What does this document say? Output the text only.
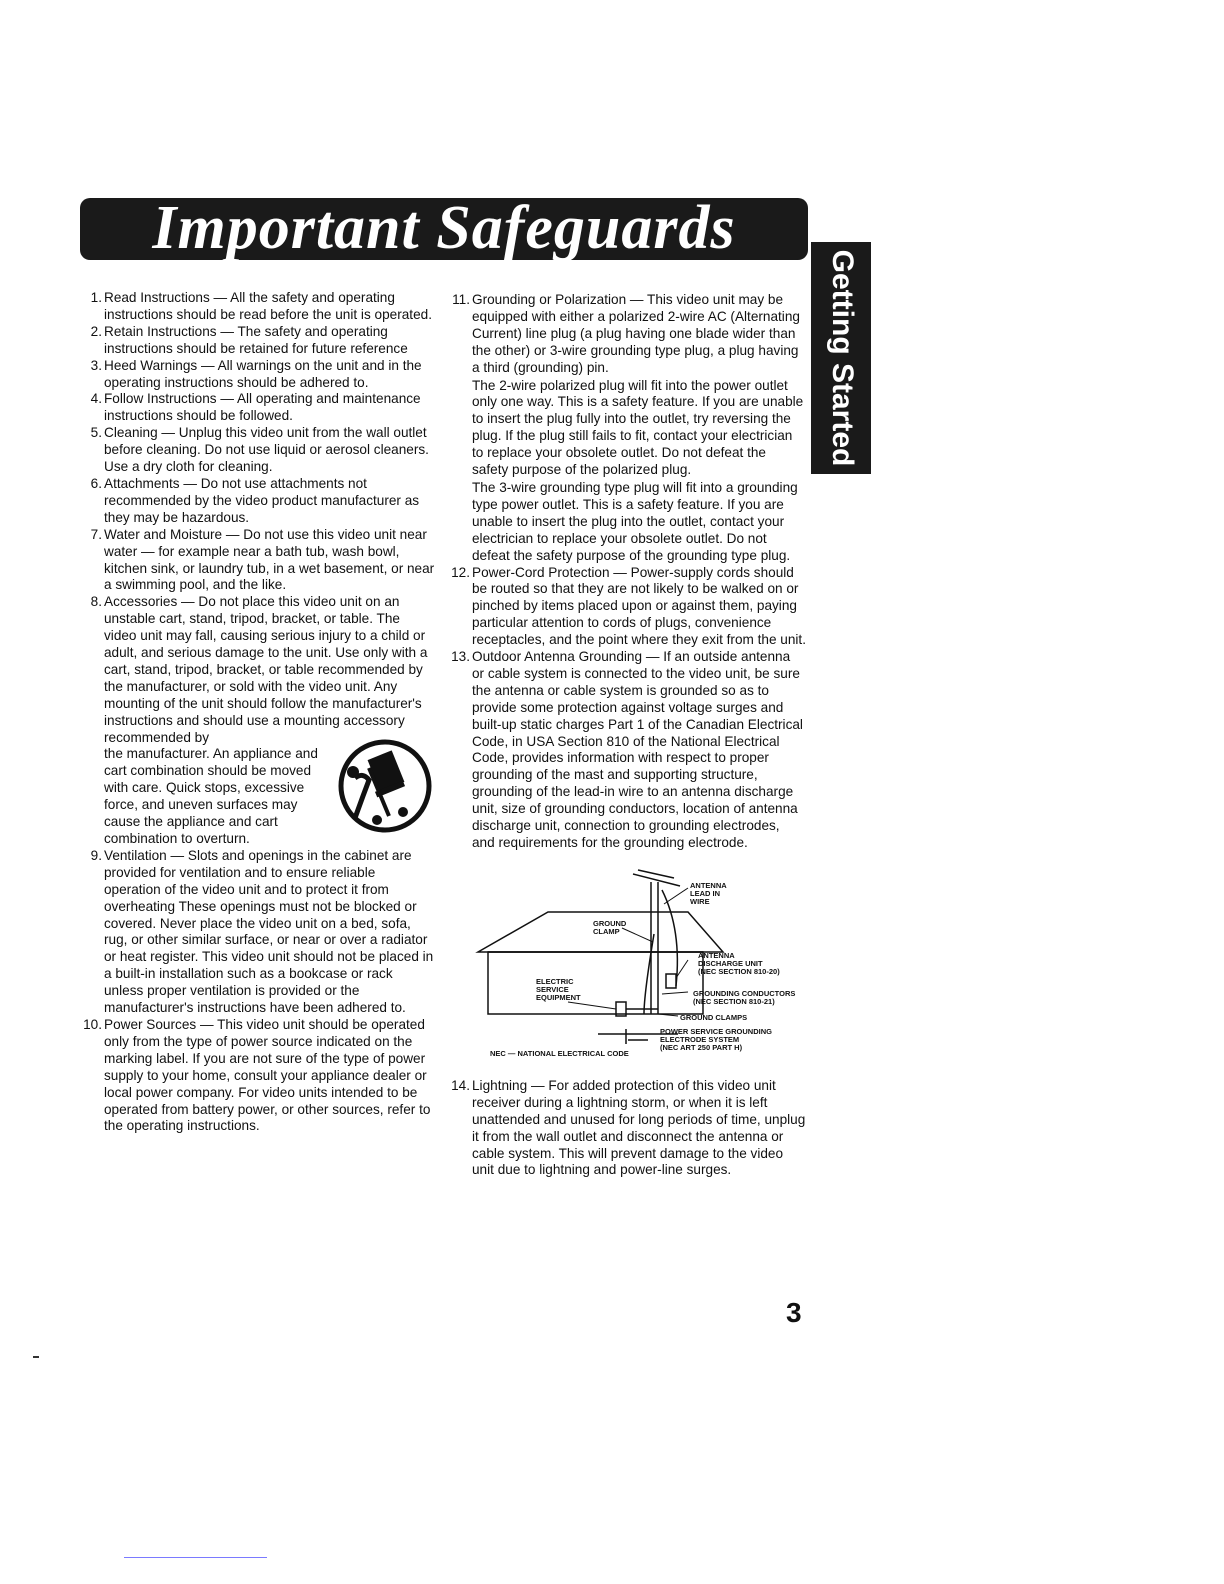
Important Safeguards
Getting Started
1. Read Instructions — All the safety and operating instructions should be read before the unit is operated.
2. Retain Instructions — The safety and operating instructions should be retained for future reference
3. Heed Warnings — All warnings on the unit and in the operating instructions should be adhered to.
4. Follow Instructions — All operating and maintenance instructions should be followed.
5. Cleaning — Unplug this video unit from the wall outlet before cleaning. Do not use liquid or aerosol cleaners. Use a dry cloth for cleaning.
6. Attachments — Do not use attachments not recommended by the video product manufacturer as they may be hazardous.
7. Water and Moisture — Do not use this video unit near water — for example near a bath tub, wash bowl, kitchen sink, or laundry tub, in a wet basement, or near a swimming pool, and the like.
8. Accessories — Do not place this video unit on an unstable cart, stand, tripod, bracket, or table. The video unit may fall, causing serious injury to a child or adult, and serious damage to the unit. Use only with a cart, stand, tripod, bracket, or table recommended by the manufacturer, or sold with the video unit. Any mounting of the unit should follow the manufacturer's instructions and should use a mounting accessory recommended by
the manufacturer. An appliance and cart combination should be moved with care. Quick stops, excessive force, and uneven surfaces may cause the appliance and cart combination to overturn.
9. Ventilation — Slots and openings in the cabinet are provided for ventilation and to ensure reliable operation of the video unit and to protect it from overheating These openings must not be blocked or covered. Never place the video unit on a bed, sofa, rug, or other similar surface, or near or over a radiator or heat register. This video unit should not be placed in a built-in installation such as a bookcase or rack unless proper ventilation is provided or the manufacturer's instructions have been adhered to.
10. Power Sources — This video unit should be operated only from the type of power source indicated on the marking label. If you are not sure of the type of power supply to your home, consult your appliance dealer or local power company. For video units intended to be operated from battery power, or other sources, refer to the operating instructions.
11. Grounding or Polarization — This video unit may be equipped with either a polarized 2-wire AC (Alternating Current) line plug (a plug having one blade wider than the other) or 3-wire grounding type plug, a plug having a third (grounding) pin.
The 2-wire polarized plug will fit into the power outlet only one way. This is a safety feature. If you are unable to insert the plug fully into the outlet, try reversing the plug. If the plug still fails to fit, contact your electrician to replace your obsolete outlet. Do not defeat the safety purpose of the polarized plug.
The 3-wire grounding type plug will fit into a grounding type power outlet. This is a safety feature. If you are unable to insert the plug into the outlet, contact your electrician to replace your obsolete outlet. Do not defeat the safety purpose of the grounding type plug.
12. Power-Cord Protection — Power-supply cords should be routed so that they are not likely to be walked on or pinched by items placed upon or against them, paying particular attention to cords of plugs, convenience receptacles, and the point where they exit from the unit.
13. Outdoor Antenna Grounding — If an outside antenna or cable system is connected to the video unit, be sure the antenna or cable system is grounded so as to provide some protection against voltage surges and built-up static charges Part 1 of the Canadian Electrical Code, in USA Section 810 of the National Electrical Code, provides information with respect to proper grounding of the mast and supporting structure, grounding of the lead-in wire to an antenna discharge unit, size of grounding conductors, location of antenna discharge unit, connection to grounding electrodes, and requirements for the grounding electrode.
ANTENNA
LEAD IN
WIRE
GROUND
CLAMP
ANTENNA
DISCHARGE UNIT
(NEC SECTION 810-20)
ELECTRIC
SERVICE
EQUIPMENT	GROUNDING CONDUCTORS
(NEC SECTION 810-21)
GROUND CLAMPS
POWER SERVICE GROUNDING
ELECTRODE SYSTEM
(NEC ART 250 PART H)
NEC — NATIONAL ELECTRICAL CODE
14. Lightning — For added protection of this video unit receiver during a lightning storm, or when it is left unattended and unused for long periods of time, unplug it from the wall outlet and disconnect the antenna or cable system. This will prevent damage to the video unit due to lightning and power-line surges.
3
